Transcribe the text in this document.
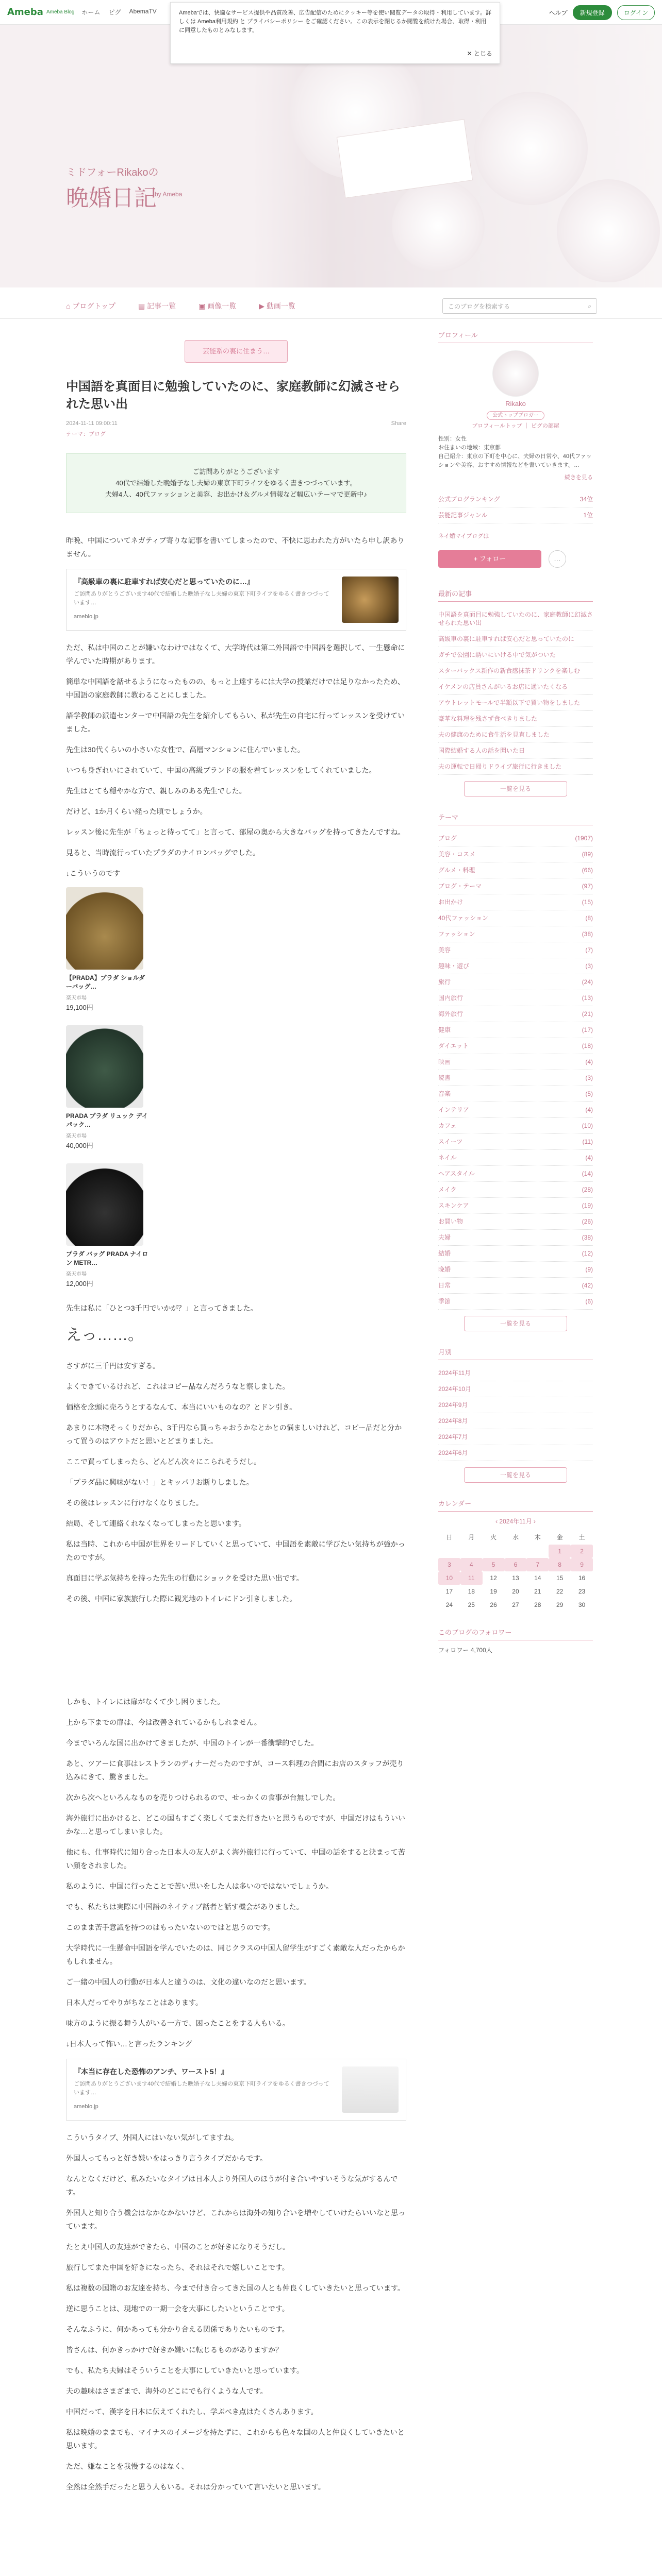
Ameba Ameba Blog ホーム ピグ AbemaTV	ヘルプ	新規登録	ログイン
Amebaでは、快適なサービス提供や品質改善、広告配信のためにクッキー等を使い閲覧データの取得・利用しています。詳しくは Ameba利用規約 と プライバシーポリシー をご確認ください。この表示を閉じるか閲覧を続けた場合、取得・利用に同意したものとみなします。
✕ とじる
ミドフォーRikakoの
晩婚日記
by Ameba
⌂ ブログトップ	▤ 記事一覧	▣ 画像一覧	▶ 動画一覧	このブログを検索する	⌕
芸能系の裏に住まう…
中国語を真面目に勉強していたのに、家庭教師に幻滅させられた思い出
2024-11-11 09:00:11	Share
テーマ：ブログ
ご訪問ありがとうございます
40代で結婚した晩婚子なし夫婦の東京下町ライフをゆるく書きつづっています。
夫婦4人、40代ファッションと美容、お出かけ＆グルメ情報など幅広いテーマで更新中♪

昨晩、中国についてネガティブ寄りな記事を書いてしまったので、不快に思われた方がいたら申し訳ありません。

『高級車の裏に駐車すれば安心だと思っていたのに…』
ご訪問ありがとうございます40代で結婚した晩婚子なし夫婦の東京下町ライフをゆるく書きつづっています…
ameblo.jp

ただ、私は中国のことが嫌いなわけではなくて、大学時代は第二外国語で中国語を選択して、一生懸命に学んでいた時期があります。

簡単な中国語を話せるようになったものの、もっと上達するには大学の授業だけでは足りなかったため、中国語の家庭教師に教わることにしました。

語学教師の派遣センターで中国語の先生を紹介してもらい、私が先生の自宅に行ってレッスンを受けていました。

先生は30代くらいの小さいな女性で、高層マンションに住んでいました。

いつも身ぎれいにされていて、中国の高級ブランドの服を着てレッスンをしてくれていました。

先生はとても穏やかな方で、親しみのある先生でした。

だけど、1か月くらい経った頃でしょうか。

レッスン後に先生が「ちょっと待ってて」と言って、部屋の奥から大きなバッグを持ってきたんですね。

見ると、当時流行っていたプラダのナイロンバッグでした。

↓こういうのです

【PRADA】プラダ ショルダーバッグ…
楽天市場
19,100円
PRADA プラダ リュック デイパック…
楽天市場
40,000円
プラダ バッグ PRADA ナイロン METR…
楽天市場
12,000円

先生は私に「ひとつ3千円でいかが？」と言ってきました。

えっ……。

さすがに三千円は安すぎる。

よくできているけれど、これはコピー品なんだろうなと察しました。

価格を念頭に売ろうとするなんて、本当にいいものなの？とドン引き。

あまりに本物そっくりだから、3千円なら買っちゃおうかなとかとの悩ましいけれど、コピー品だと分かって買うのはアウトだと思いとどまりました。

ここで買ってしまったら、どんどん次々にこられそうだし。

「プラダ品に興味がない！」とキッパリお断りしました。

その後はレッスンに行けなくなりました。

結局、そして連絡くれなくなってしまったと思います。

私は当時、これから中国が世界をリードしていくと思っていて、中国語を素敵に学びたい気持ちが強かったのですが。

真面目に学ぶ気持ちを持った先生の行動にショックを受けた思い出です。

その後、中国に家族旅行した際に観光地のトイレにドン引きしました。

しかも、トイレには扉がなくて少し困りました。

上から下までの扉は、今は改善されているかもしれません。

今までいろんな国に出かけてきましたが、中国のトイレが一番衝撃的でした。

あと、ツアーに食事はレストランのディナーだったのですが、コース料理の合間にお店のスタッフが売り込みにきて、驚きました。

次から次へといろんなものを売りつけられるので、せっかくの食事が台無しでした。

海外旅行に出かけると、どこの国もすごく楽しくてまた行きたいと思うものですが、中国だけはもういいかな…と思ってしまいました。

他にも、仕事時代に知り合った日本人の友人がよく海外旅行に行っていて、中国の話をすると決まって苦い顔をされました。

私のように、中国に行ったことで苦い思いをした人は多いのではないでしょうか。

でも、私たちは実際に中国語のネイティブ話者と話す機会がありました。

このまま苦手意識を持つのはもったいないのではと思うのです。

大学時代に一生懸命中国語を学んでいたのは、同じクラスの中国人留学生がすごく素敵な人だったからかもしれません。

ご一緒の中国人の行動が日本人と違うのは、文化の違いなのだと思います。

日本人だってやりがちなことはあります。

味方のように振る舞う人がいる一方で、困ったことをする人もいる。

↓日本人って怖い…と言ったランキング

『本当に存在した恐怖のアンチ、ワースト5！』
ご訪問ありがとうございます40代で結婚した晩婚子なし夫婦の東京下町ライフをゆるく書きつづっています…
ameblo.jp

こういうタイプ、外国人にはいない気がしてますね。

外国人ってもっと好き嫌いをはっきり言うタイプだからです。

なんとなくだけど、私みたいなタイプは日本人より外国人のほうが付き合いやすいそうな気がするんです。

外国人と知り合う機会はなかなかないけど、これからは海外の知り合いを増やしていけたらいいなと思っています。

たとえ中国人の友達ができたら、中国のことが好きになりそうだし。

旅行してまた中国を好きになったら、それはそれで嬉しいことです。

私は複数の国籍のお友達を持ち、今まで付き合ってきた国の人とも仲良くしていきたいと思っています。

逆に思うことは、現地での一期一会を大事にしたいということです。

そんなふうに、何かあっても分かり合える関係でありたいものです。

皆さんは、何かきっかけで好きか嫌いに転じるものがありますか？

でも、私たち夫婦はそういうことを大事にしていきたいと思っています。

夫の趣味はさまざまで、海外のどこにでも行くような人です。

中国だって、漢字を日本に伝えてくれたし、学ぶべき点はたくさんあります。

私は晩婚のままでも、マイナスのイメージを持たずに、これからも色々な国の人と仲良くしていきたいと思います。

ただ、嫌なことを我慢するのはなく、

全然は全然手だったと思う人もいる。それは分かっていて言いたいと思います。

プロフィール
Rikako
公式トップブロガー
プロフィールトップ ｜ ピグの部屋
性別：女性
お住まいの地域：東京都
自己紹介：東京の下町を中心に、夫婦の日常や、40代ファッションや美容、おすすめ情報などを書いていきます。…
続きを見る
公式ブログランキング	34位
芸能記事ジャンル	1位
ネイ婚マイブログは
+ フォロー	…
最新の記事
中国語を真面目に勉強していたのに、家庭教師に幻滅させられた思い出
高級車の裏に駐車すれば安心だと思っていたのに
ガチで公園に誘いにいける中で気がついた
スターバックス新作の新食感抹茶ドリンクを楽しむ
イケメンの店員さんがいるお店に通いたくなる
アウトレットモールで半額以下で買い物をしました
豪華な料理を残さず食べきりました
夫の健康のために食生活を見直しました
国際結婚する人の話を聞いた日
夫の運転で日帰りドライブ旅行に行きました
一覧を見る
テーマ
ブログ	(1907)
美容・コスメ	(89)
グルメ・料理	(66)
ブログ・テーマ	(97)
お出かけ	(15)
40代ファッション	(8)
ファッション	(38)
美容	(7)
趣味・遊び	(3)
旅行	(24)
国内旅行	(13)
海外旅行	(21)
健康	(17)
ダイエット	(18)
映画	(4)
読書	(3)
音楽	(5)
インテリア	(4)
カフェ	(10)
スイーツ	(11)
ネイル	(4)
ヘアスタイル	(14)
メイク	(28)
スキンケア	(19)
お買い物	(26)
夫婦	(38)
結婚	(12)
晩婚	(9)
日常	(42)
季節	(6)
一覧を見る
月別
2024年11月
2024年10月
2024年9月
2024年8月
2024年7月
2024年6月
一覧を見る
カレンダー
‹ 2024年11月 ›
日	月	火	水	木	金	土
					1	2
3	4	5	6	7	8	9
10	11	12	13	14	15	16
17	18	19	20	21	22	23
24	25	26	27	28	29	30
このブログのフォロワー
フォロワー 4,700人
